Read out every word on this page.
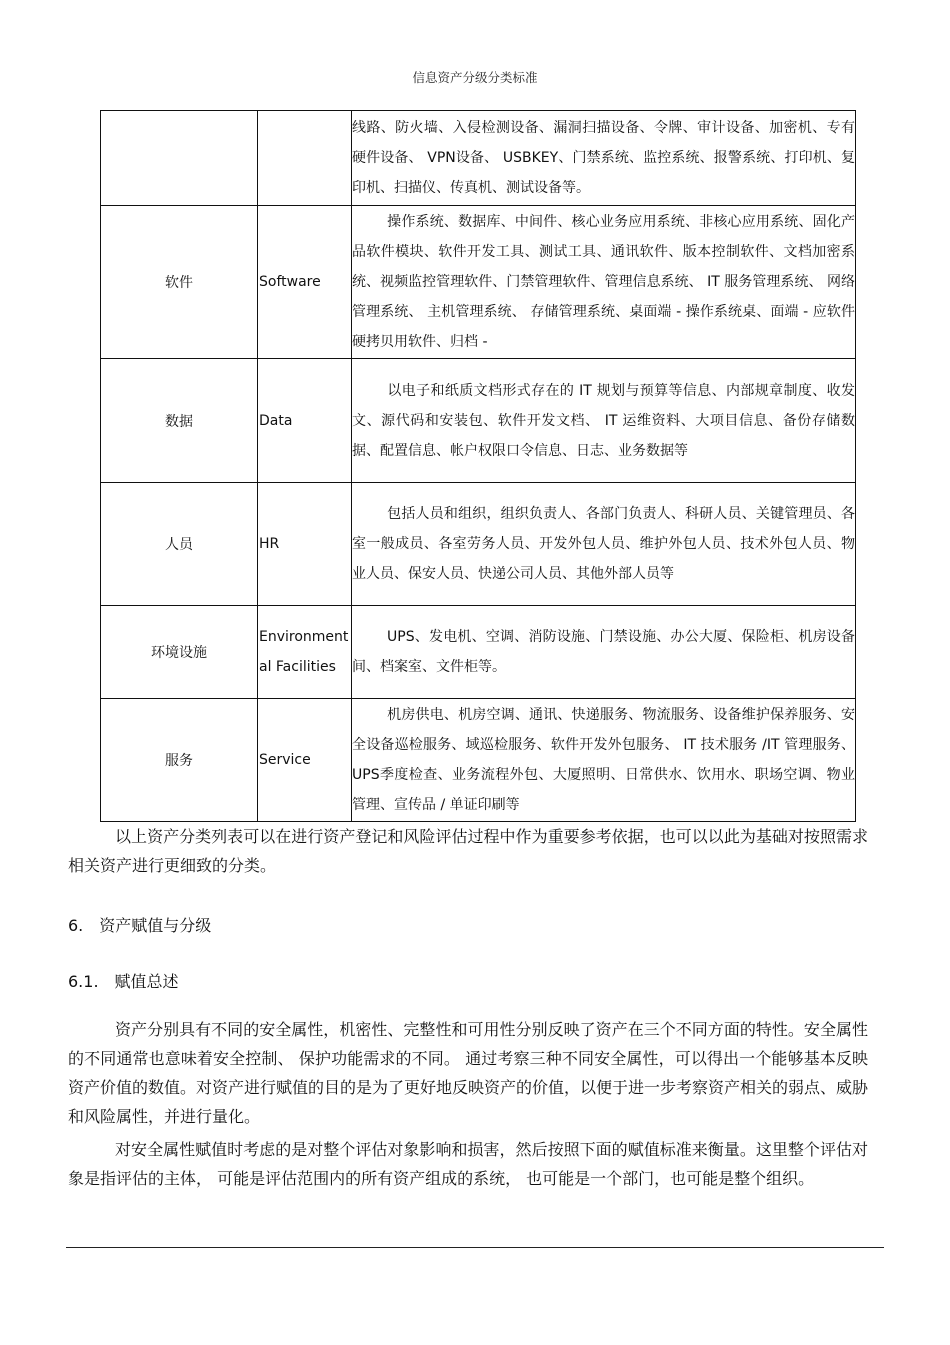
信息资产分级分类标准

		线路、防火墙、入侵检测设备、漏洞扫描设备、令牌、审计设备、加密机、专有硬件设备、 VPN设备、 USBKEY、门禁系统、监控系统、报警系统、打印机、复印机、扫描仪、传真机、测试设备等。

软件	Software	操作系统、数据库、中间件、核心业务应用系统、非核心应用系统、固化产品软件模块、软件开发工具、测试工具、通讯软件、版本控制软件、文档加密系统、视频监控管理软件、门禁管理软件、管理信息系统、 IT 服务管理系统、 网络管理系统、 主机管理系统、 存储管理系统、桌面端 - 操作系统桌、面端 - 应软件硬拷贝用软件、归档 -

数据	Data	以电子和纸质文档形式存在的 IT 规划与预算等信息、内部规章制度、收发文、源代码和安装包、软件开发文档、 IT 运维资料、大项目信息、备份存储数据、配置信息、帐户权限口令信息、日志、业务数据等

人员	HR	包括人员和组织，组织负责人、各部门负责人、科研人员、关键管理员、各室一般成员、各室劳务人员、开发外包人员、维护外包人员、技术外包人员、物业人员、保安人员、快递公司人员、其他外部人员等

环境设施	Environmental Facilities	UPS、发电机、空调、消防设施、门禁设施、办公大厦、保险柜、机房设备间、档案室、文件柜等。

服务	Service	机房供电、机房空调、通讯、快递服务、物流服务、设备维护保养服务、安全设备巡检服务、域巡检服务、软件开发外包服务、 IT 技术服务 /IT 管理服务、 UPS季度检查、业务流程外包、大厦照明、日常供水、饮用水、职场空调、物业管理、宣传品 / 单证印刷等
以上资产分类列表可以在进行资产登记和风险评估过程中作为重要参考依据，也可以以此为基础对按照需求相关资产进行更细致的分类。
6. 资产赋值与分级
6.1. 赋值总述
资产分别具有不同的安全属性，机密性、完整性和可用性分别反映了资产在三个不同方面的特性。安全属性的不同通常也意味着安全控制、 保护功能需求的不同。 通过考察三种不同安全属性，可以得出一个能够基本反映资产价值的数值。对资产进行赋值的目的是为了更好地反映资产的价值，以便于进一步考察资产相关的弱点、威胁和风险属性，并进行量化。
对安全属性赋值时考虑的是对整个评估对象影响和损害，然后按照下面的赋值标准来衡量。这里整个评估对象是指评估的主体， 可能是评估范围内的所有资产组成的系统， 也可能是一个部门，也可能是整个组织。
